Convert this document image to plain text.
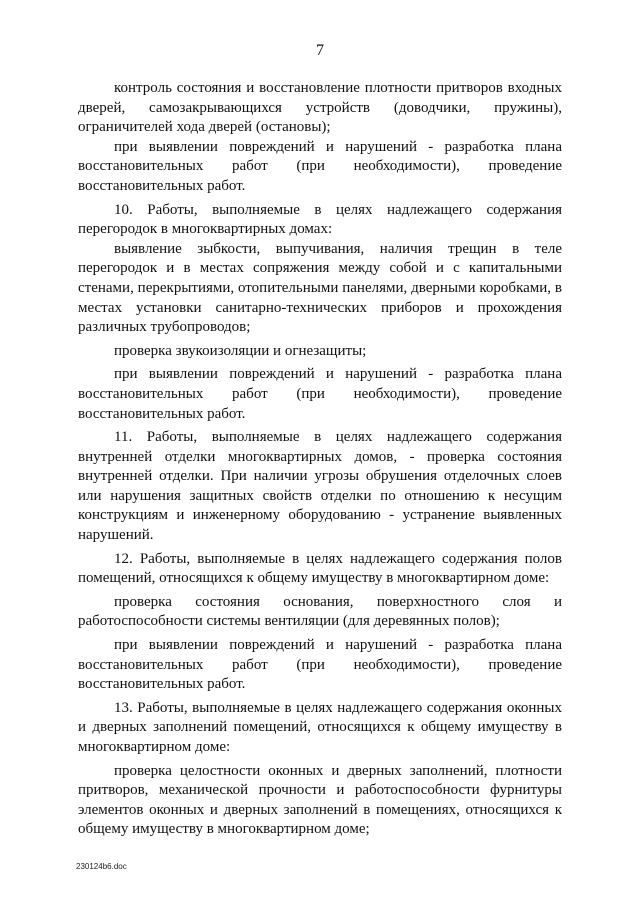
7

контроль состояния и восстановление плотности притворов входных дверей, самозакрывающихся устройств (доводчики, пружины), ограничителей хода дверей (остановы);

при выявлении повреждений и нарушений - разработка плана восстановительных работ (при необходимости), проведение восстановительных работ.

10. Работы, выполняемые в целях надлежащего содержания перегородок в многоквартирных домах:

выявление зыбкости, выпучивания, наличия трещин в теле перегородок и в местах сопряжения между собой и с капитальными стенами, перекрытиями, отопительными панелями, дверными коробками, в местах установки санитарно-технических приборов и прохождения различных трубопроводов;

проверка звукоизоляции и огнезащиты;

при выявлении повреждений и нарушений - разработка плана восстановительных работ (при необходимости), проведение восстановительных работ.

11. Работы, выполняемые в целях надлежащего содержания внутренней отделки многоквартирных домов, - проверка состояния внутренней отделки. При наличии угрозы обрушения отделочных слоев или нарушения защитных свойств отделки по отношению к несущим конструкциям и инженерному оборудованию - устранение выявленных нарушений.

12. Работы, выполняемые в целях надлежащего содержания полов помещений, относящихся к общему имуществу в многоквартирном доме:

проверка состояния основания, поверхностного слоя и работоспособности системы вентиляции (для деревянных полов);

при выявлении повреждений и нарушений - разработка плана восстановительных работ (при необходимости), проведение восстановительных работ.

13. Работы, выполняемые в целях надлежащего содержания оконных и дверных заполнений помещений, относящихся к общему имуществу в многоквартирном доме:

проверка целостности оконных и дверных заполнений, плотности притворов, механической прочности и работоспособности фурнитуры элементов оконных и дверных заполнений в помещениях, относящихся к общему имуществу в многоквартирном доме;

230124b6.doc
